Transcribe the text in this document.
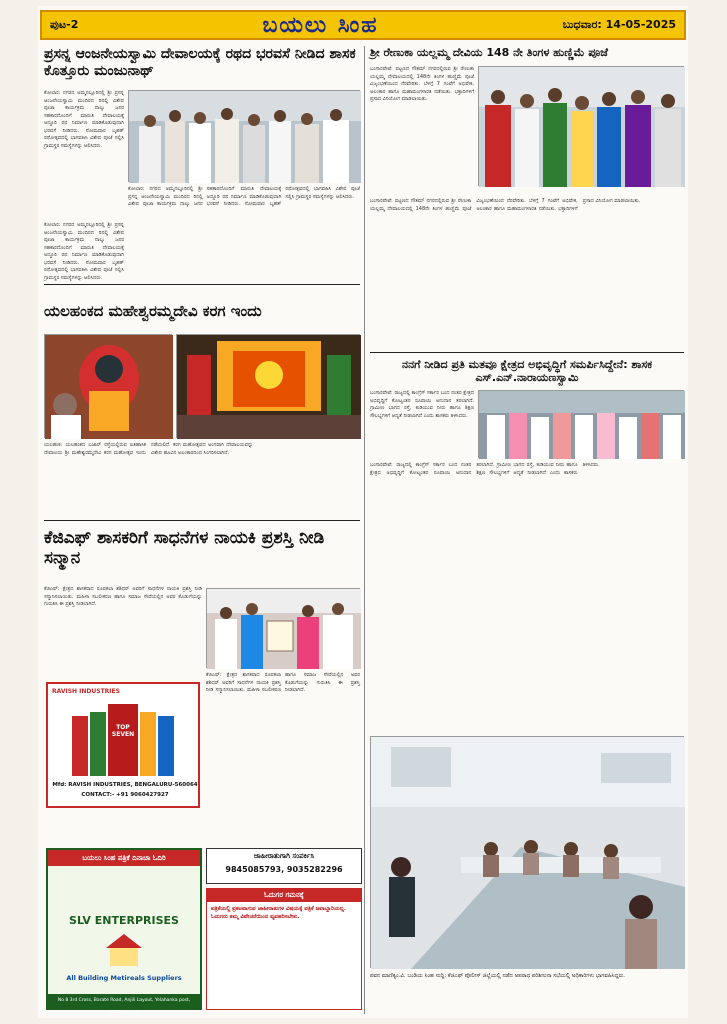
ಪುಟ-2	ಬಯಲು ಸಿಂಹ	ಬುಧವಾರ: 14-05-2025
ಪ್ರಸನ್ನ ಆಂಜನೇಯಸ್ವಾಮಿ ದೇವಾಲಯಕ್ಕೆ ರಥದ ಭರವಸೆ ನೀಡಿದ ಶಾಸಕ ಕೊತ್ತೂರು ಮಂಜುನಾಥ್
ಕೋಲಾರ: ನಗರದ ಅಮ್ಮನಲ್ಲೂರಿನಲ್ಲಿ ಶ್ರೀ ಪ್ರಸನ್ನ ಆಂಜನೇಯಸ್ವಾಮಿ ಮಂದಿರದ ರಿನಲ್ಲಿ ವಿಶೇಷ ಪೂಜಾ ಕಾರ್ಯಕ್ರಮ ನಾಲ್ಕು ಜನರ ಸಹಕಾರದೊಂದಿಗೆ ಮಾರುತಿ ದೇವಾಲಯಕ್ಕೆ ಅದ್ದೂರಿ ರಥ ನಿರ್ಮಾಣ ಮಾಡಿಕೊಡುವುದಾಗಿ ಭರವಸೆ ನೀಡಿದರು. ಸೋಮವಾರ ಬೃಹತ್ ರಥೋತ್ಸವದಲ್ಲಿ ಭಾಗವಹಿಸಿ ವಿಶೇಷ ಪೂಜೆ ಸಲ್ಲಿಸಿ ಗ್ರಾಮಸ್ಥರ ಸಮಸ್ಯೆಗಳನ್ನು ಆಲಿಸಿದರು.
ಕೋಲಾರ: ನಗರದ ಅಮ್ಮನಲ್ಲೂರಿನಲ್ಲಿ ಶ್ರೀ ಪ್ರಸನ್ನ ಆಂಜನೇಯಸ್ವಾಮಿ ಮಂದಿರದ ರಿನಲ್ಲಿ ವಿಶೇಷ ಪೂಜಾ ಕಾರ್ಯಕ್ರಮ ನಾಲ್ಕು ಜನರ ಸಹಕಾರದೊಂದಿಗೆ ಮಾರುತಿ ದೇವಾಲಯಕ್ಕೆ ಅದ್ದೂರಿ ರಥ ನಿರ್ಮಾಣ ಮಾಡಿಕೊಡುವುದಾಗಿ ಭರವಸೆ ನೀಡಿದರು. ಸೋಮವಾರ ಬೃಹತ್ ರಥೋತ್ಸವದಲ್ಲಿ ಭಾಗವಹಿಸಿ ವಿಶೇಷ ಪೂಜೆ ಸಲ್ಲಿಸಿ ಗ್ರಾಮಸ್ಥರ ಸಮಸ್ಯೆಗಳನ್ನು ಆಲಿಸಿದರು.
ಕೋಲಾರ: ನಗರದ ಅಮ್ಮನಲ್ಲೂರಿನಲ್ಲಿ ಶ್ರೀ ಪ್ರಸನ್ನ ಆಂಜನೇಯಸ್ವಾಮಿ ಮಂದಿರದ ರಿನಲ್ಲಿ ವಿಶೇಷ ಪೂಜಾ ಕಾರ್ಯಕ್ರಮ ನಾಲ್ಕು ಜನರ ಸಹಕಾರದೊಂದಿಗೆ ಮಾರುತಿ ದೇವಾಲಯಕ್ಕೆ ಅದ್ದೂರಿ ರಥ ನಿರ್ಮಾಣ ಮಾಡಿಕೊಡುವುದಾಗಿ ಭರವಸೆ ನೀಡಿದರು. ಸೋಮವಾರ ಬೃಹತ್ ರಥೋತ್ಸವದಲ್ಲಿ ಭಾಗವಹಿಸಿ ವಿಶೇಷ ಪೂಜೆ ಸಲ್ಲಿಸಿ ಗ್ರಾಮಸ್ಥರ ಸಮಸ್ಯೆಗಳನ್ನು ಆಲಿಸಿದರು.
ಶ್ರೀ ರೇಣುಕಾ ಯಲ್ಲಮ್ಮ ದೇವಿಯ 148 ನೇ ತಿಂಗಳ ಹುಣ್ಣಿಮೆ ಪೂಜೆ
ಬಂಗಾರಪೇಟೆ: ಪಟ್ಟಣದ ಗೌತಮ್ ನಗರದಲ್ಲಿರುವ ಶ್ರೀ ರೇಣುಕಾ ಯಲ್ಲಮ್ಮ ದೇವಾಲಯದಲ್ಲಿ 148ನೇ ತಿಂಗಳ ಹುಣ್ಣಿಮೆ ಪೂಜೆ ವಿಜೃಂಭಣೆಯಿಂದ ನೆರವೇರಿತು. ಬೆಳಿಗ್ಗೆ 7 ಗಂಟೆಗೆ ಅಭಿಷೇಕ, ಅಲಂಕಾರ ಹಾಗೂ ಮಹಾಮಂಗಳಾರತಿ ನಡೆಯಿತು. ಭಕ್ತಾದಿಗಳಿಗೆ ಪ್ರಸಾದ ವಿನಿಯೋಗ ಮಾಡಲಾಯಿತು.
ಬಂಗಾರಪೇಟೆ: ಪಟ್ಟಣದ ಗೌತಮ್ ನಗರದಲ್ಲಿರುವ ಶ್ರೀ ರೇಣುಕಾ ಯಲ್ಲಮ್ಮ ದೇವಾಲಯದಲ್ಲಿ 148ನೇ ತಿಂಗಳ ಹುಣ್ಣಿಮೆ ಪೂಜೆ ವಿಜೃಂಭಣೆಯಿಂದ ನೆರವೇರಿತು. ಬೆಳಿಗ್ಗೆ 7 ಗಂಟೆಗೆ ಅಭಿಷೇಕ, ಅಲಂಕಾರ ಹಾಗೂ ಮಹಾಮಂಗಳಾರತಿ ನಡೆಯಿತು. ಭಕ್ತಾದಿಗಳಿಗೆ ಪ್ರಸಾದ ವಿನಿಯೋಗ ಮಾಡಲಾಯಿತು.
ಯಲಹಂಕದ ಮಹೇಶ್ವರಮ್ಮದೇವಿ ಕರಗ ಇಂದು
ಯಲಹಂಕ: ಯಲಹಂಕದ ಬಜಾರ್ ರಸ್ತೆಯಲ್ಲಿರುವ ಐತಿಹಾಸಿಕ ದೇವಾಲಯ ಶ್ರೀ ಮಹೇಶ್ವರಮ್ಮದೇವಿ ಕರಗ ಮಹೋತ್ಸವ ಇಂದು ನಡೆಯಲಿದೆ. ಕರಗ ಮಹೋತ್ಸವದ ಅಂಗವಾಗಿ ದೇವಾಲಯವನ್ನು ವಿಶೇಷ ಹೂವಿನ ಅಲಂಕಾರದಿಂದ ಸಿಂಗರಿಸಲಾಗಿದೆ.
ನನಗೆ ನೀಡಿದ ಪ್ರತಿ ಮತವೂ ಕ್ಷೇತ್ರದ ಅಭಿವೃದ್ಧಿಗೆ ಸಮರ್ಪಿಸಿದ್ದೇನೆ: ಶಾಸಕ ಎಸ್.ಎನ್.ನಾರಾಯಣಸ್ವಾಮಿ
ಬಂಗಾರಪೇಟೆ: ರಾಜ್ಯದಲ್ಲಿ ಕಾಂಗ್ರೆಸ್ ಸರ್ಕಾರ ಬಂದ ನಂತರ ಕ್ಷೇತ್ರದ ಅಭಿವೃದ್ಧಿಗೆ ಕೋಟ್ಯಂತರ ರೂಪಾಯಿ ಅನುದಾನ ತರಲಾಗಿದೆ. ಗ್ರಾಮೀಣ ಭಾಗದ ರಸ್ತೆ, ಕುಡಿಯುವ ನೀರು ಹಾಗೂ ಶಿಕ್ಷಣ ಸೌಲಭ್ಯಗಳಿಗೆ ಆದ್ಯತೆ ನೀಡಲಾಗಿದೆ ಎಂದು ಶಾಸಕರು ತಿಳಿಸಿದರು.
ಬಂಗಾರಪೇಟೆ: ರಾಜ್ಯದಲ್ಲಿ ಕಾಂಗ್ರೆಸ್ ಸರ್ಕಾರ ಬಂದ ನಂತರ ಕ್ಷೇತ್ರದ ಅಭಿವೃದ್ಧಿಗೆ ಕೋಟ್ಯಂತರ ರೂಪಾಯಿ ಅನುದಾನ ತರಲಾಗಿದೆ. ಗ್ರಾಮೀಣ ಭಾಗದ ರಸ್ತೆ, ಕುಡಿಯುವ ನೀರು ಹಾಗೂ ಶಿಕ್ಷಣ ಸೌಲಭ್ಯಗಳಿಗೆ ಆದ್ಯತೆ ನೀಡಲಾಗಿದೆ ಎಂದು ಶಾಸಕರು ತಿಳಿಸಿದರು.
ಕೆಜಿಎಫ್ ಶಾಸಕರಿಗೆ ಸಾಧನೆಗಳ ನಾಯಕಿ ಪ್ರಶಸ್ತಿ ನೀಡಿ ಸನ್ಮಾನ
ಕೆಜಿಎಫ್: ಕ್ಷೇತ್ರದ ಶಾಸಕರಾದ ರೂಪಕಲಾ ಶಶಿಧರ್ ಅವರಿಗೆ ಸಾಧನೆಗಳ ನಾಯಕಿ ಪ್ರಶಸ್ತಿ ನೀಡಿ ಸನ್ಮಾನಿಸಲಾಯಿತು. ಮಹಿಳಾ ಸಬಲೀಕರಣ ಹಾಗೂ ಸಮಾಜ ಸೇವೆಯಲ್ಲಿನ ಅವರ ಕೊಡುಗೆಯನ್ನು ಗುರುತಿಸಿ ಈ ಪ್ರಶಸ್ತಿ ನೀಡಲಾಗಿದೆ.
ಕೆಜಿಎಫ್: ಕ್ಷೇತ್ರದ ಶಾಸಕರಾದ ರೂಪಕಲಾ ಶಶಿಧರ್ ಅವರಿಗೆ ಸಾಧನೆಗಳ ನಾಯಕಿ ಪ್ರಶಸ್ತಿ ನೀಡಿ ಸನ್ಮಾನಿಸಲಾಯಿತು. ಮಹಿಳಾ ಸಬಲೀಕರಣ ಹಾಗೂ ಸಮಾಜ ಸೇವೆಯಲ್ಲಿನ ಅವರ ಕೊಡುಗೆಯನ್ನು ಗುರುತಿಸಿ ಈ ಪ್ರಶಸ್ತಿ ನೀಡಲಾಗಿದೆ.
RAVISH INDUSTRIES
TOP SEVEN
Mfd: RAVISH INDUSTRIES, BENGALURU-560064
CONTACT:- +91 9060427927
ಬಯಲು ಸಿಂಹ ಪತ್ರಿಕೆ ದಿನಾಚಾ ಓದಿರಿ
SLV ENTERPRISES
All Building Metireals Suppliers
No 8 3rd Cross, Barate Road, Anjili Layout, Yelahanka post, Bangalore-64
ಜಾಹೀರಾತುಗಾಗಿ ಸಂಪರ್ಕಿಸಿ
9845085793, 9035282296
ಓದುಗರ ಗಮನಕ್ಕೆ
ಪತ್ರಿಕೆಯಲ್ಲಿ ಪ್ರಕಟವಾಗುವ ಜಾಹೀರಾತುಗಳ ವಿಷಯಕ್ಕೆ ಪತ್ರಿಕೆ ಜವಾಬ್ದಾರಿಯಲ್ಲ. ಓದುಗರು ತಮ್ಮ ವಿವೇಚನೆಯಿಂದ ವ್ಯವಹರಿಸಬೇಕು.
ಪವನ ಮಾಣಿಕ್ಯಂ.ವಿ. ಬಂಡಿಯ ಸಿಂಹ ಸುದ್ದಿ: ಕೆಜಿಎಫ್ ಪೊಲೀಸ್ ಜಿಲ್ಲೆಯಲ್ಲಿ ನಡೆದ ಅಪರಾಧ ಪರಿಶೀಲನಾ ಸಭೆಯಲ್ಲಿ ಅಧಿಕಾರಿಗಳು ಭಾಗವಹಿಸಿದ್ದರು.
